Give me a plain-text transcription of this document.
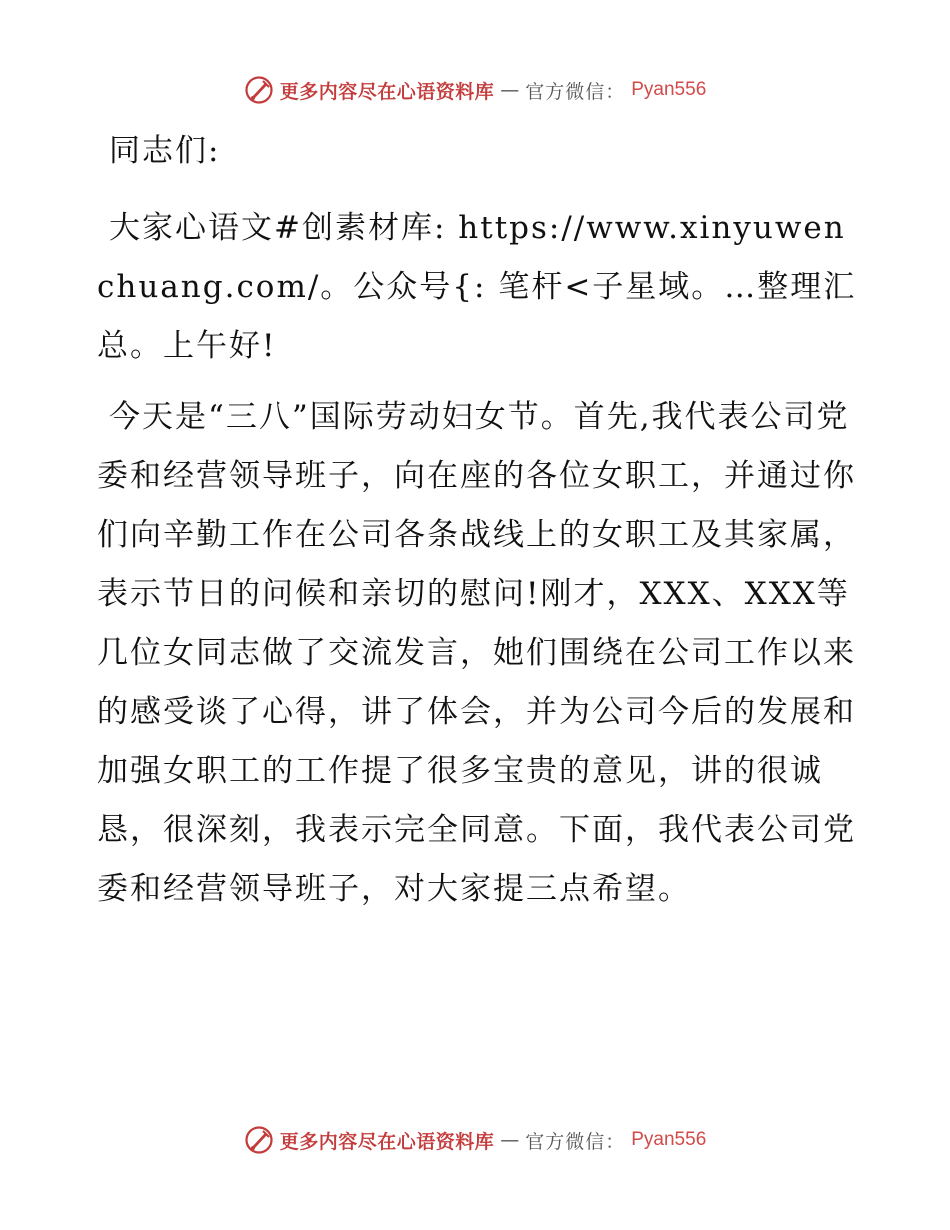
更多内容尽在心语资料库 — 官方微信： Pyan556

同志们:

大家心语文#创素材库: https://www.xinyuwenchuang.com/。公众号{: 笔杆<子星域。…整理汇总。上午好!

今天是“三八”国际劳动妇女节。首先,我代表公司党委和经营领导班子，向在座的各位女职工，并通过你们向辛勤工作在公司各条战线上的女职工及其家属，表示节日的问候和亲切的慰问!刚才，XXX、XXX等几位女同志做了交流发言，她们围绕在公司工作以来的感受谈了心得，讲了体会，并为公司今后的发展和加强女职工的工作提了很多宝贵的意见，讲的很诚恳，很深刻，我表示完全同意。下面，我代表公司党委和经营领导班子，对大家提三点希望。

更多内容尽在心语资料库 — 官方微信： Pyan556
